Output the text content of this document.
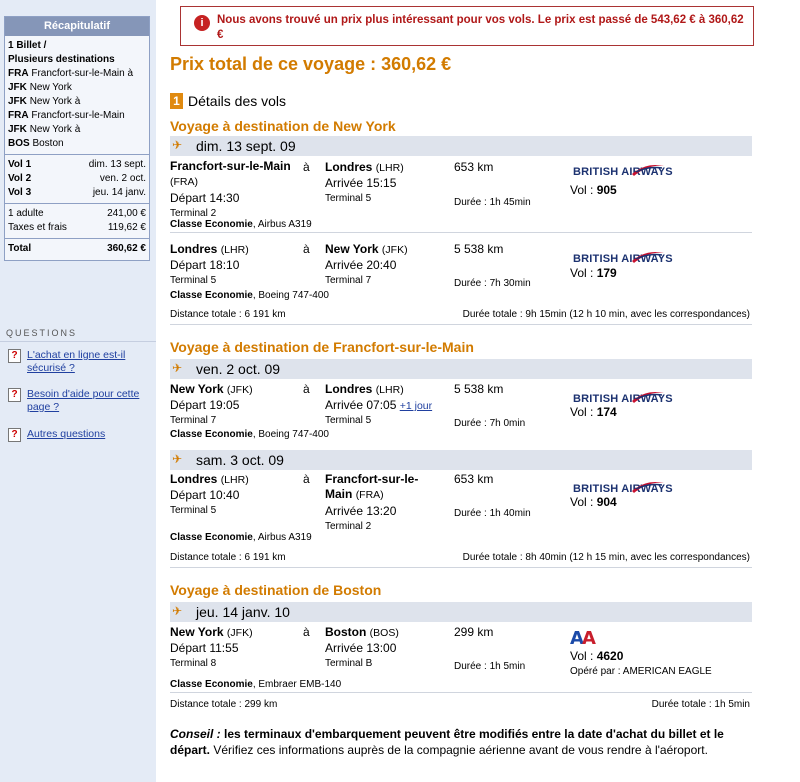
Récapitulatif
1 Billet /
Plusieurs destinations
FRA Francfort-sur-le-Main à
JFK New York
JFK New York à
FRA Francfort-sur-le-Main
JFK New York à
BOS Boston
Vol 1	dim. 13 sept.
Vol 2	ven. 2 oct.
Vol 3	jeu. 14 janv.
1 adulte	241,00 €
Taxes et frais	119,62 €
Total	360,62 €
QUESTIONS
? L'achat en ligne est-il sécurisé ?
? Besoin d'aide pour cette page ?
? Autres questions
i	Nous avons trouvé un prix plus intéressant pour vos vols. Le prix est passé de 543,62 € à 360,62 €
Prix total de ce voyage : 360,62 €
1 Détails des vols
Voyage à destination de New York
✈ dim. 13 sept. 09
Francfort-sur-le-Main (FRA)
Départ 14:30
Terminal 2
à Londres (LHR)
Arrivée 15:15
Terminal 5
653 km
Durée : 1h 45min
BRITISH AIRWAYS
Vol : 905
Classe Economie, Airbus A319
Londres (LHR)
Départ 18:10
Terminal 5
à New York (JFK)
Arrivée 20:40
Terminal 7
5 538 km
Durée : 7h 30min
BRITISH AIRWAYS
Vol : 179
Classe Economie, Boeing 747-400
Distance totale : 6 191 km	Durée totale : 9h 15min (12 h 10 min, avec les correspondances)
Voyage à destination de Francfort-sur-le-Main
✈ ven. 2 oct. 09
New York (JFK)
Départ 19:05
Terminal 7
à Londres (LHR)
Arrivée 07:05 +1 jour
Terminal 5
5 538 km
Durée : 7h 0min
BRITISH AIRWAYS
Vol : 174
Classe Economie, Boeing 747-400
✈ sam. 3 oct. 09
Londres (LHR)
Départ 10:40
Terminal 5
à Francfort-sur-le-Main (FRA)
Arrivée 13:20
Terminal 2
653 km
Durée : 1h 40min
BRITISH AIRWAYS
Vol : 904
Classe Economie, Airbus A319
Distance totale : 6 191 km	Durée totale : 8h 40min (12 h 15 min, avec les correspondances)
Voyage à destination de Boston
✈ jeu. 14 janv. 10
New York (JFK)
Départ 11:55
Terminal 8
à Boston (BOS)
Arrivée 13:00
Terminal B
299 km
Durée : 1h 5min
A
A
Vol : 4620
Opéré par : AMERICAN EAGLE
Classe Economie, Embraer EMB-140
Distance totale : 299 km	Durée totale : 1h 5min
Conseil : les terminaux d'embarquement peuvent être modifiés entre la date d'achat du billet et le départ. Vérifiez ces informations auprès de la compagnie aérienne avant de vous rendre à l'aéroport.
